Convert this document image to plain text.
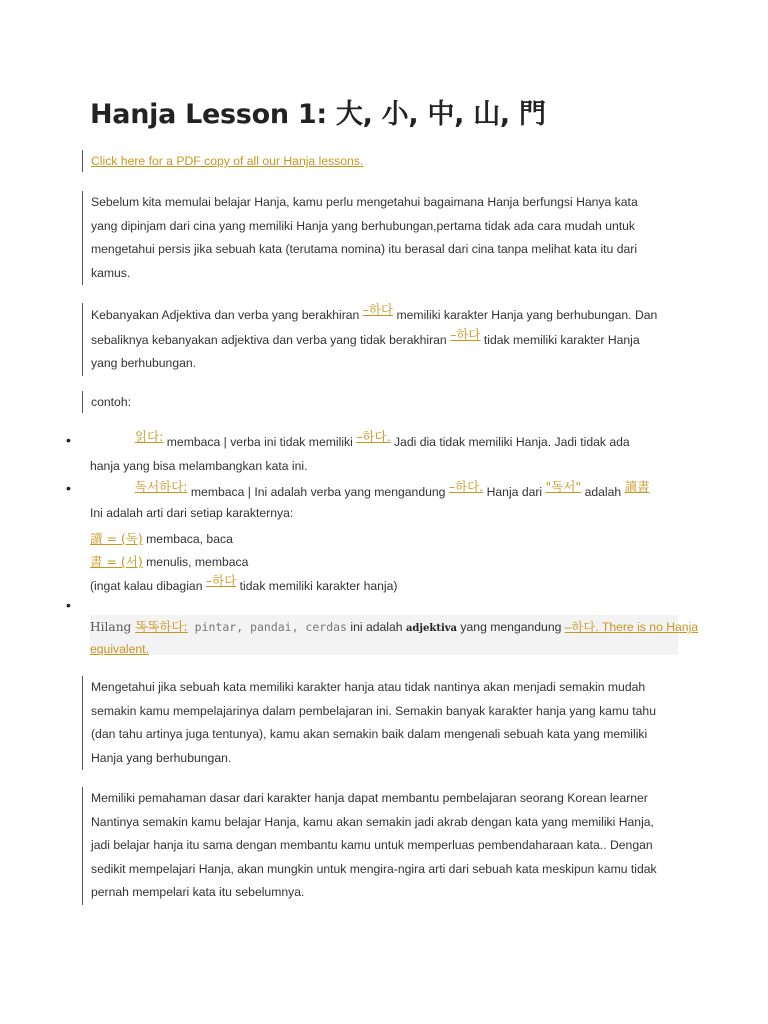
Hanja Lesson 1: 大, 小, 中, 山, 門
Click here for a PDF copy of all our Hanja lessons.

Sebelum kita memulai belajar Hanja, kamu perlu mengetahui bagaimana Hanja berfungsi Hanya kata

yang dipinjam dari cina yang memiliki Hanja yang berhubungan,pertama tidak ada cara mudah untuk

mengetahui persis jika sebuah kata (terutama nomina) itu berasal dari cina tanpa melihat kata itu dari

kamus.

Kebanyakan Adjektiva dan verba yang berakhiran –하다 memiliki karakter Hanja yang berhubungan. Dan

sebaliknya kebanyakan adjektiva dan verba yang tidak berakhiran –하다 tidak memiliki karakter Hanja

yang berhubungan.

contoh:
•	읽다: membaca | verba ini tidak memiliki –하다. Jadi dia tidak memiliki Hanja. Jadi tidak ada
hanja yang bisa melambangkan kata ini.
•	독서하다: membaca | Ini adalah verba yang mengandung –하다. Hanja dari "독서" adalah 讀書
Ini adalah arti dari setiap karakternya:
讀 = (독) membaca, baca
書 = (서) menulis, membaca
(ingat kalau dibagian –하다 tidak memiliki karakter hanja)
•
Hilang 똑똑하다: pintar, pandai, cerdas ini adalah adjektiva yang mengandung –하다. There is no Hanja
equivalent.

Mengetahui jika sebuah kata memiliki karakter hanja atau tidak nantinya akan menjadi semakin mudah

semakin kamu mempelajarinya dalam pembelajaran ini. Semakin banyak karakter hanja yang kamu tahu

(dan tahu artinya juga tentunya), kamu akan semakin baik dalam mengenali sebuah kata yang memiliki

Hanja yang berhubungan.

Memiliki pemahaman dasar dari karakter hanja dapat membantu pembelajaran seorang Korean learner

Nantinya semakin kamu belajar Hanja, kamu akan semakin jadi akrab dengan kata yang memiliki Hanja,

jadi belajar hanja itu sama dengan membantu kamu untuk memperluas pembendaharaan kata.. Dengan

sedikit mempelajari Hanja, akan mungkin untuk mengira-ngira arti dari sebuah kata meskipun kamu tidak

pernah mempelari kata itu sebelumnya.
